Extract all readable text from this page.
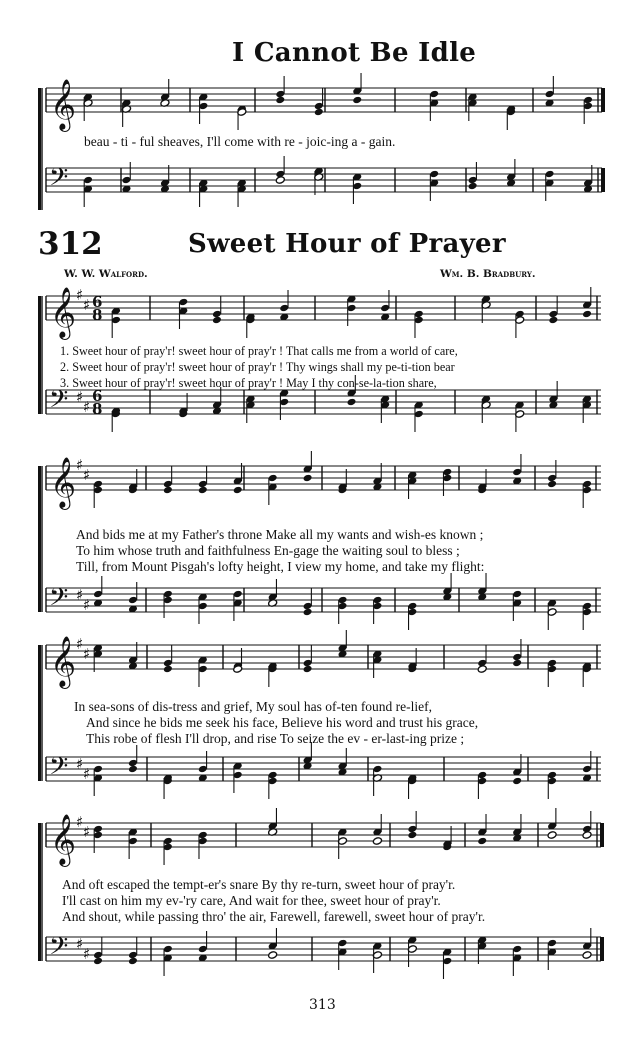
I Cannot Be Idle
beau - ti - ful sheaves, I'll come with re - joic-ing a - gain.
312	Sweet Hour of Prayer
W. W. Walford.	Wm. B. Bradbury.
1. Sweet hour of pray'r! sweet hour of pray'r ! That calls me from a world of care,
2. Sweet hour of pray'r! sweet hour of pray'r ! Thy wings shall my pe-ti-tion bear
3. Sweet hour of pray'r! sweet hour of pray'r ! May I thy con-se-la-tion share,
And bids me at my Father's throne Make all my wants and wish-es known ;
To him whose truth and faithfulness En-gage the waiting soul to bless ;
Till, from Mount Pisgah's lofty height, I view my home, and take my flight:
In sea-sons of dis-tress and grief, My soul has of-ten found re-lief,
And since he bids me seek his face, Believe his word and trust his grace,
This robe of flesh I'll drop, and rise To seize the ev - er-last-ing prize ;
And oft escaped the tempt-er's snare By thy re-turn, sweet hour of pray'r.
I'll cast on him my ev-'ry care, And wait for thee, sweet hour of pray'r.
And shout, while passing thro' the air, Farewell, farewell, sweet hour of pray'r.
313
𝄞
𝄢
𝄞 ♯
♯ 6
8
𝄢 ♯
♯
6
8
𝄞 ♯
♯
𝄢 ♯
♯
𝄞 ♯
♯
𝄢 ♯
♯
𝄞 ♯
♯
𝄢 ♯
♯
